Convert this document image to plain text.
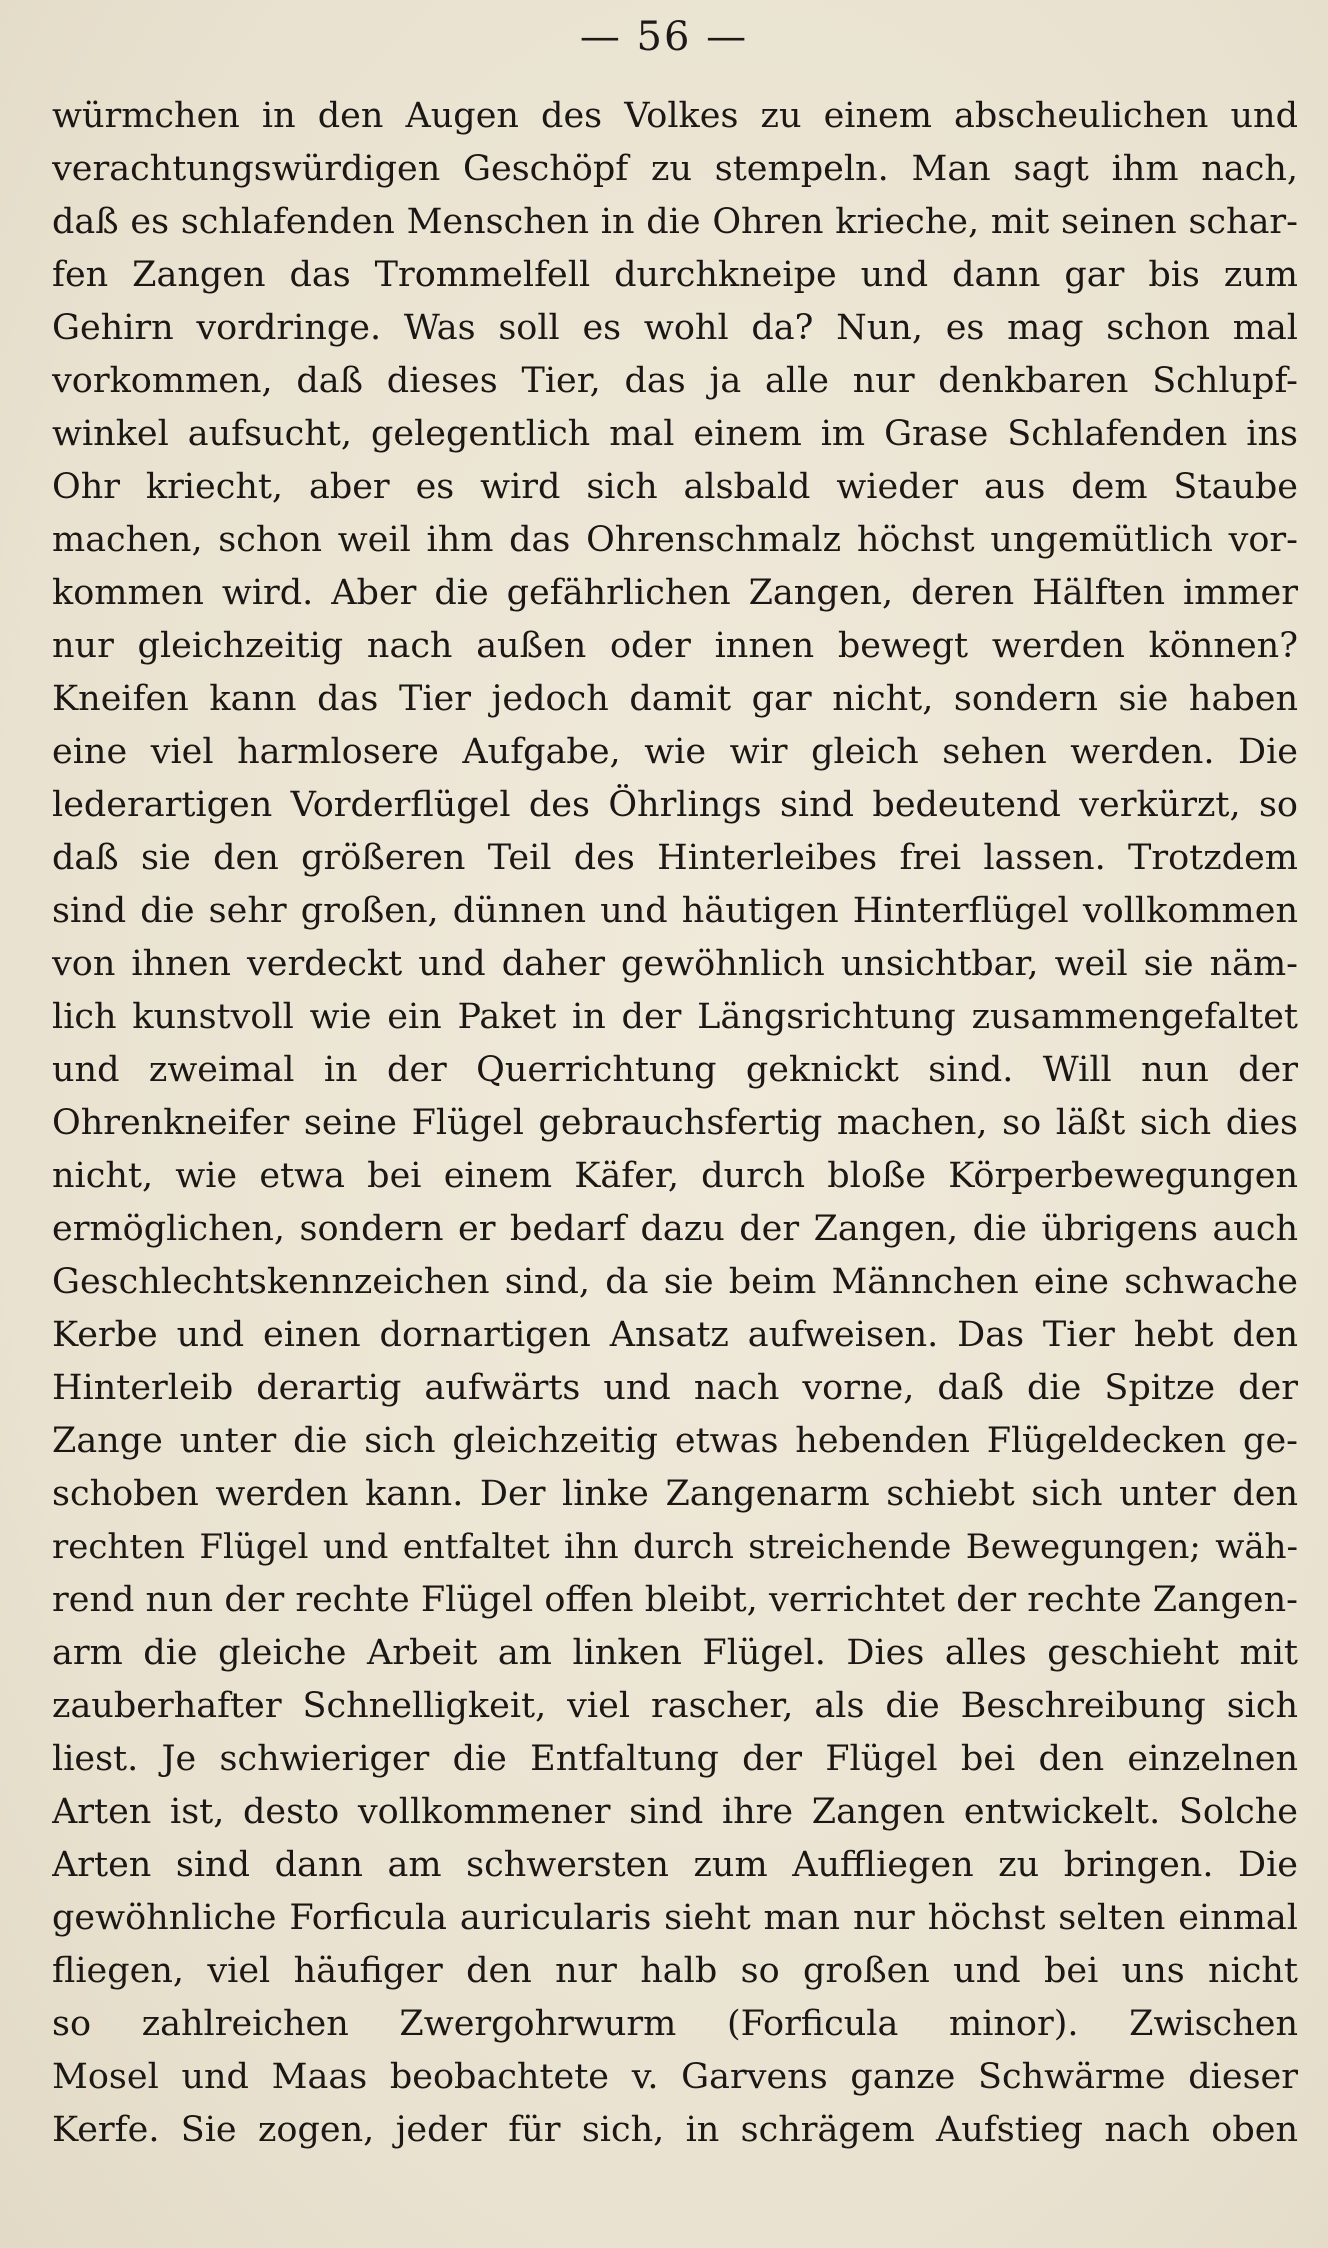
— 56 —
würmchen in den Augen des Volkes zu einem abscheulichen und
verachtungswürdigen Geschöpf zu stempeln. Man sagt ihm nach,
daß es schlafenden Menschen in die Ohren krieche, mit seinen schar-
fen Zangen das Trommelfell durchkneipe und dann gar bis zum
Gehirn vordringe. Was soll es wohl da? Nun, es mag schon mal
vorkommen, daß dieses Tier, das ja alle nur denkbaren Schlupf-
winkel aufsucht, gelegentlich mal einem im Grase Schlafenden ins
Ohr kriecht, aber es wird sich alsbald wieder aus dem Staube
machen, schon weil ihm das Ohrenschmalz höchst ungemütlich vor-
kommen wird. Aber die gefährlichen Zangen, deren Hälften immer
nur gleichzeitig nach außen oder innen bewegt werden können?
Kneifen kann das Tier jedoch damit gar nicht, sondern sie haben
eine viel harmlosere Aufgabe, wie wir gleich sehen werden. Die
lederartigen Vorderflügel des Öhrlings sind bedeutend verkürzt, so
daß sie den größeren Teil des Hinterleibes frei lassen. Trotzdem
sind die sehr großen, dünnen und häutigen Hinterflügel vollkommen
von ihnen verdeckt und daher gewöhnlich unsichtbar, weil sie näm-
lich kunstvoll wie ein Paket in der Längsrichtung zusammengefaltet
und zweimal in der Querrichtung geknickt sind. Will nun der
Ohrenkneifer seine Flügel gebrauchsfertig machen, so läßt sich dies
nicht, wie etwa bei einem Käfer, durch bloße Körperbewegungen
ermöglichen, sondern er bedarf dazu der Zangen, die übrigens auch
Geschlechtskennzeichen sind, da sie beim Männchen eine schwache
Kerbe und einen dornartigen Ansatz aufweisen. Das Tier hebt den
Hinterleib derartig aufwärts und nach vorne, daß die Spitze der
Zange unter die sich gleichzeitig etwas hebenden Flügeldecken ge-
schoben werden kann. Der linke Zangenarm schiebt sich unter den
rechten Flügel und entfaltet ihn durch streichende Bewegungen; wäh-
rend nun der rechte Flügel offen bleibt, verrichtet der rechte Zangen-
arm die gleiche Arbeit am linken Flügel. Dies alles geschieht mit
zauberhafter Schnelligkeit, viel rascher, als die Beschreibung sich
liest. Je schwieriger die Entfaltung der Flügel bei den einzelnen
Arten ist, desto vollkommener sind ihre Zangen entwickelt. Solche
Arten sind dann am schwersten zum Auffliegen zu bringen. Die
gewöhnliche Forficula auricularis sieht man nur höchst selten einmal
fliegen, viel häufiger den nur halb so großen und bei uns nicht
so zahlreichen Zwergohrwurm (Forficula minor). Zwischen
Mosel und Maas beobachtete v. Garvens ganze Schwärme dieser
Kerfe. Sie zogen, jeder für sich, in schrägem Aufstieg nach oben
